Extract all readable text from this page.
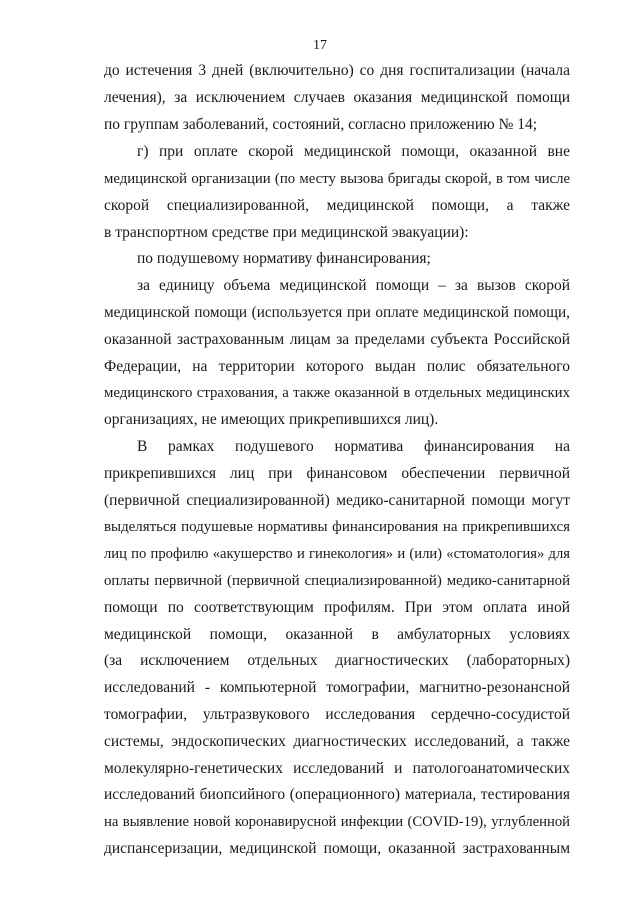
17
до истечения 3 дней (включительно) со дня госпитализации (начала
лечения), за исключением случаев оказания медицинской помощи
по группам заболеваний, состояний, согласно приложению № 14;
г) при оплате скорой медицинской помощи, оказанной вне
медицинской организации (по месту вызова бригады скорой, в том числе
скорой специализированной, медицинской помощи, а также
в транспортном средстве при медицинской эвакуации):
по подушевому нормативу финансирования;
за единицу объема медицинской помощи – за вызов скорой
медицинской помощи (используется при оплате медицинской помощи,
оказанной застрахованным лицам за пределами субъекта Российской
Федерации, на территории которого выдан полис обязательного
медицинского страхования, а также оказанной в отдельных медицинских
организациях, не имеющих прикрепившихся лиц).
В рамках подушевого норматива финансирования на
прикрепившихся лиц при финансовом обеспечении первичной
(первичной специализированной) медико-санитарной помощи могут
выделяться подушевые нормативы финансирования на прикрепившихся
лиц по профилю «акушерство и гинекология» и (или) «стоматология» для
оплаты первичной (первичной специализированной) медико-санитарной
помощи по соответствующим профилям. При этом оплата иной
медицинской помощи, оказанной в амбулаторных условиях
(за исключением отдельных диагностических (лабораторных)
исследований - компьютерной томографии, магнитно-резонансной
томографии, ультразвукового исследования сердечно-сосудистой
системы, эндоскопических диагностических исследований, а также
молекулярно-генетических исследований и патологоанатомических
исследований биопсийного (операционного) материала, тестирования
на выявление новой коронавирусной инфекции (COVID-19), углубленной
диспансеризации, медицинской помощи, оказанной застрахованным
